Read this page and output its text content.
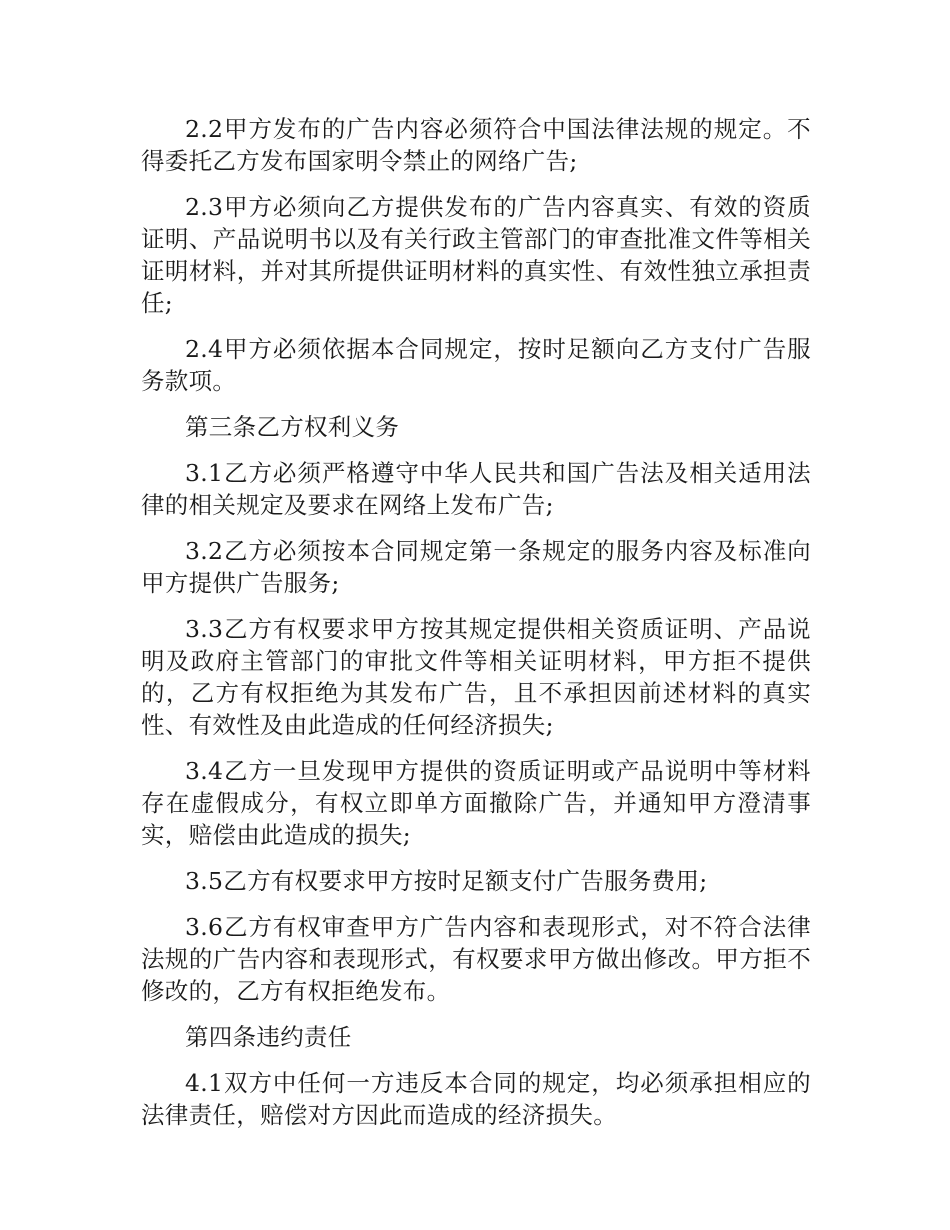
2.2甲方发布的广告内容必须符合中国法律法规的规定。不得委托乙方发布国家明令禁止的网络广告;

2.3甲方必须向乙方提供发布的广告内容真实、有效的资质证明、产品说明书以及有关行政主管部门的审查批准文件等相关证明材料，并对其所提供证明材料的真实性、有效性独立承担责任;

2.4甲方必须依据本合同规定，按时足额向乙方支付广告服务款项。

第三条乙方权利义务

3.1乙方必须严格遵守中华人民共和国广告法及相关适用法律的相关规定及要求在网络上发布广告;

3.2乙方必须按本合同规定第一条规定的服务内容及标准向甲方提供广告服务;

3.3乙方有权要求甲方按其规定提供相关资质证明、产品说明及政府主管部门的审批文件等相关证明材料，甲方拒不提供的，乙方有权拒绝为其发布广告，且不承担因前述材料的真实性、有效性及由此造成的任何经济损失;

3.4乙方一旦发现甲方提供的资质证明或产品说明中等材料存在虚假成分，有权立即单方面撤除广告，并通知甲方澄清事实，赔偿由此造成的损失;

3.5乙方有权要求甲方按时足额支付广告服务费用;

3.6乙方有权审查甲方广告内容和表现形式，对不符合法律法规的广告内容和表现形式，有权要求甲方做出修改。甲方拒不修改的，乙方有权拒绝发布。

第四条违约责任

4.1双方中任何一方违反本合同的规定，均必须承担相应的法律责任，赔偿对方因此而造成的经济损失。
